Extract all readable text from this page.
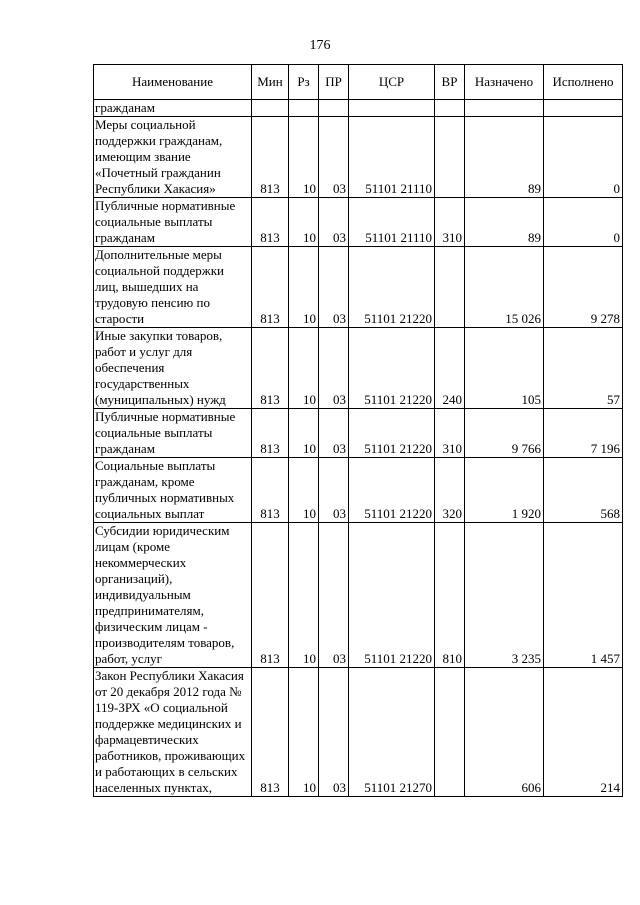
176
Наименование	Мин	Рз	ПР	ЦСР	ВР	Назначено	Исполнено
гражданам							
Меры социальной поддержки гражданам, имеющим звание «Почетный гражданин Республики Хакасия»	813	10	03	51101 21110		89	0
Публичные нормативные социальные выплаты гражданам	813	10	03	51101 21110	310	89	0
Дополнительные меры социальной поддержки лиц, вышедших на трудовую пенсию по старости	813	10	03	51101 21220		15 026	9 278
Иные закупки товаров, работ и услуг для обеспечения государственных (муниципальных) нужд	813	10	03	51101 21220	240	105	57
Публичные нормативные социальные выплаты гражданам	813	10	03	51101 21220	310	9 766	7 196
Социальные выплаты гражданам, кроме публичных нормативных социальных выплат	813	10	03	51101 21220	320	1 920	568
Субсидии юридическим лицам (кроме некоммерческих организаций), индивидуальным предпринимателям, физическим лицам - производителям товаров, работ, услуг	813	10	03	51101 21220	810	3 235	1 457
Закон Республики Хакасия от 20 декабря 2012 года № 119-ЗРХ «О социальной поддержке медицинских и фармацевтических работников, проживающих и работающих в сельских населенных пунктах,	813	10	03	51101 21270		606	214
